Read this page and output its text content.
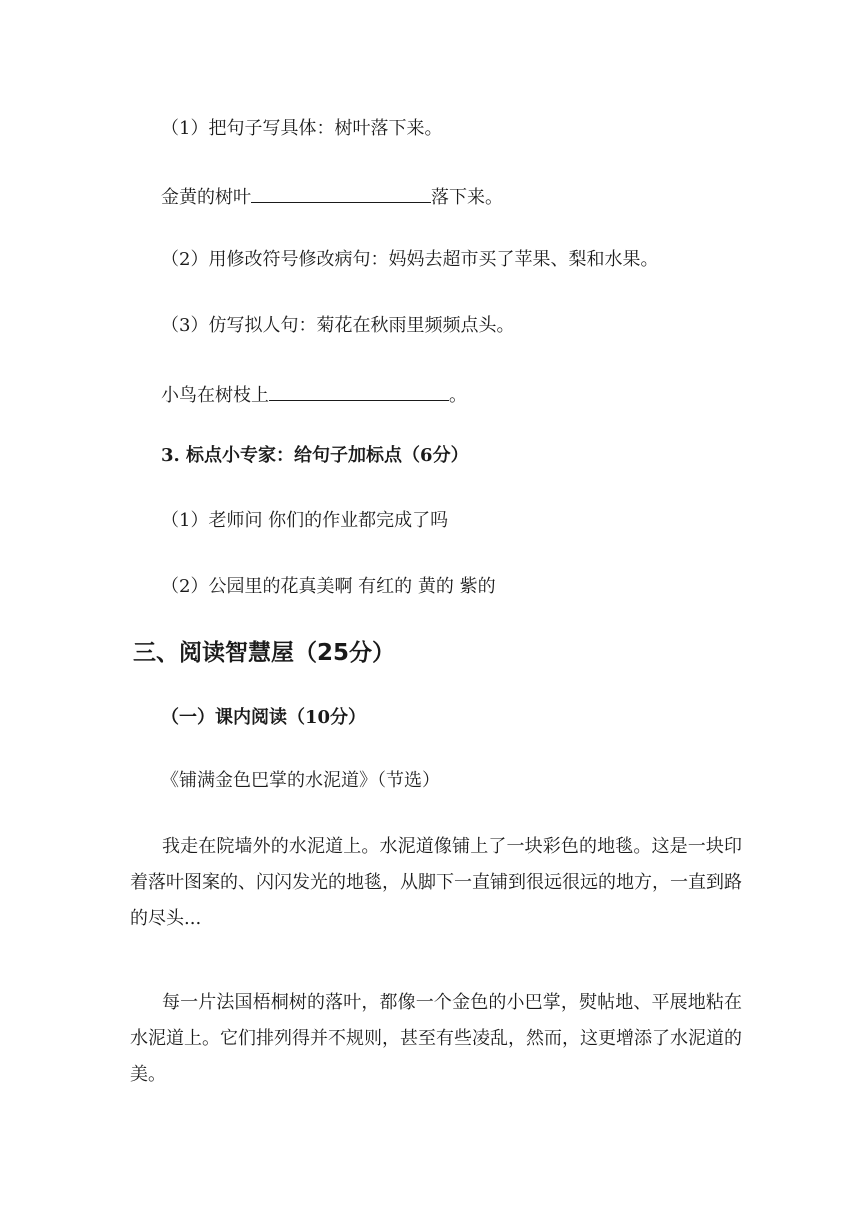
（1）把句子写具体：树叶落下来。

金黄的树叶	落下来。

（2）用修改符号修改病句：妈妈去超市买了苹果、梨和水果。

（3）仿写拟人句：菊花在秋雨里频频点头。

小鸟在树枝上	。

3. 标点小专家：给句子加标点（6分）

（1）老师问 你们的作业都完成了吗

（2）公园里的花真美啊 有红的 黄的 紫的

三、阅读智慧屋（25分）

（一）课内阅读（10分）

《铺满金色巴掌的水泥道》（节选）

我走在院墙外的水泥道上。水泥道像铺上了一块彩色的地毯。这是一块印着落叶图案的、闪闪发光的地毯，从脚下一直铺到很远很远的地方，一直到路的尽头...

每一片法国梧桐树的落叶，都像一个金色的小巴掌，熨帖地、平展地粘在水泥道上。它们排列得并不规则，甚至有些凌乱，然而，这更增添了水泥道的美。
